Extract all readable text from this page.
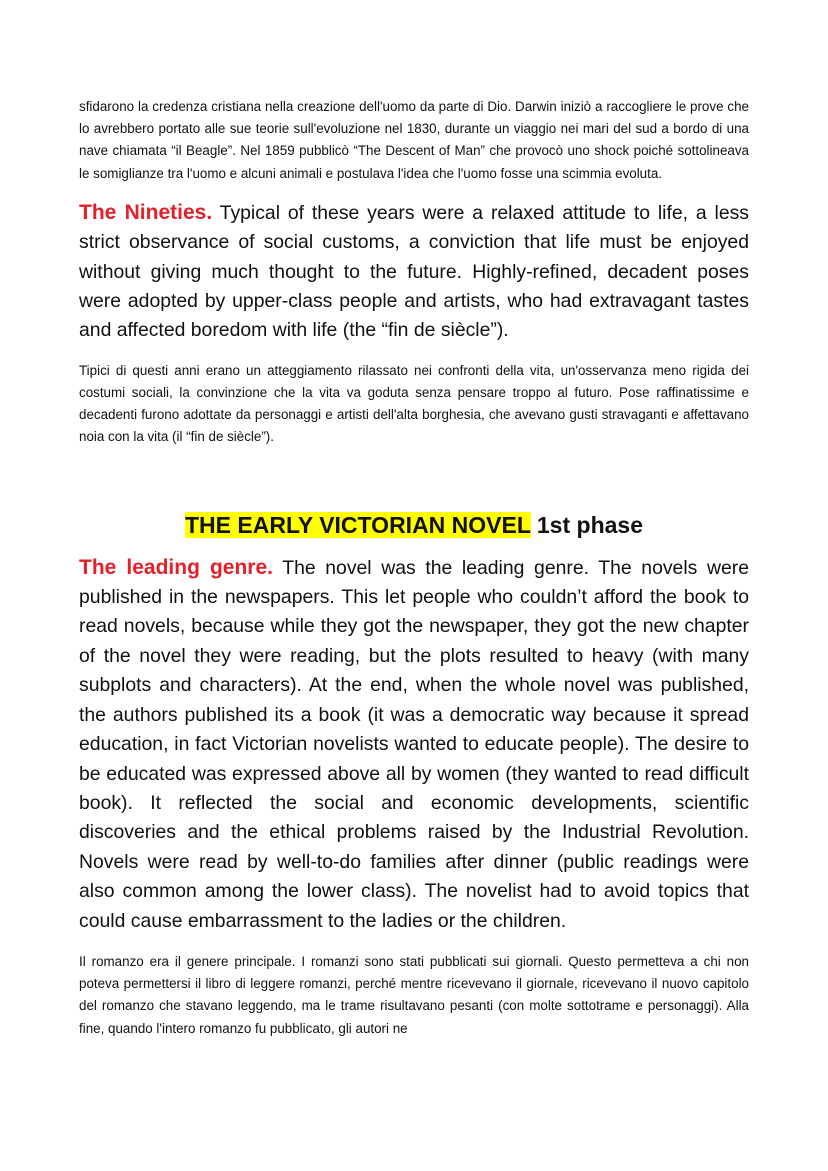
sfidarono la credenza cristiana nella creazione dell'uomo da parte di Dio. Darwin iniziò a raccogliere le prove che lo avrebbero portato alle sue teorie sull'evoluzione nel 1830, durante un viaggio nei mari del sud a bordo di una nave chiamata “il Beagle”. Nel 1859 pubblicò “The Descent of Man” che provocò uno shock poiché sottolineava le somiglianze tra l'uomo e alcuni animali e postulava l'idea che l'uomo fosse una scimmia evoluta.

The Nineties. Typical of these years were a relaxed attitude to life, a less strict observance of social customs, a conviction that life must be enjoyed without giving much thought to the future. Highly-refined, decadent poses were adopted by upper-class people and artists, who had extravagant tastes and affected boredom with life (the “fin de siècle”).

Tipici di questi anni erano un atteggiamento rilassato nei confronti della vita, un'osservanza meno rigida dei costumi sociali, la convinzione che la vita va goduta senza pensare troppo al futuro. Pose raffinatissime e decadenti furono adottate da personaggi e artisti dell'alta borghesia, che avevano gusti stravaganti e affettavano noia con la vita (il “fin de siècle”).

THE EARLY VICTORIAN NOVEL 1st phase

The leading genre. The novel was the leading genre. The novels were published in the newspapers. This let people who couldn’t afford the book to read novels, because while they got the newspaper, they got the new chapter of the novel they were reading, but the plots resulted to heavy (with many subplots and characters). At the end, when the whole novel was published, the authors published its a book (it was a democratic way because it spread education, in fact Victorian novelists wanted to educate people). The desire to be educated was expressed above all by women (they wanted to read difficult book). It reflected the social and economic developments, scientific discoveries and the ethical problems raised by the Industrial Revolution. Novels were read by well-to-do families after dinner (public readings were also common among the lower class). The novelist had to avoid topics that could cause embarrassment to the ladies or the children.

Il romanzo era il genere principale. I romanzi sono stati pubblicati sui giornali. Questo permetteva a chi non poteva permettersi il libro di leggere romanzi, perché mentre ricevevano il giornale, ricevevano il nuovo capitolo del romanzo che stavano leggendo, ma le trame risultavano pesanti (con molte sottotrame e personaggi). Alla fine, quando l'intero romanzo fu pubblicato, gli autori ne
